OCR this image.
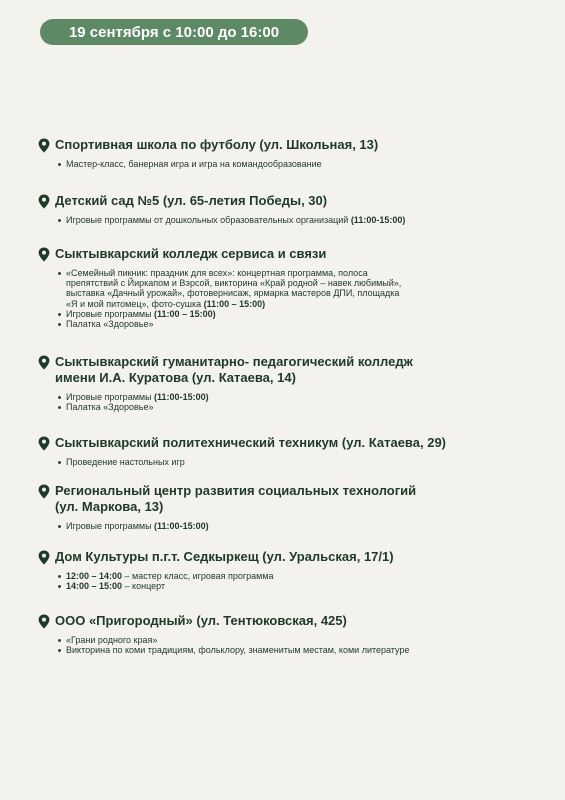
19 сентября с 10:00 до 16:00
Спортивная школа по футболу (ул. Школьная, 13)
Мастер-класс, банерная игра и игра на командообразование
Детский сад №5 (ул. 65-летия Победы, 30)
Игровые программы от дошкольных образовательных организаций (11:00-15:00)
Сыктывкарский колледж сервиса и связи
«Семейный пикник: праздник для всех»: концертная программа, полоса
препятствий с Йиркапом и Вэрсой, викторина «Край родной – навек любимый»,
выставка «Дачный урожай», фотовернисаж, ярмарка мастеров ДПИ, площадка
«Я и мой питомец», фото-сушка (11:00 – 15:00)
Игровые программы (11:00 – 15:00)
Палатка «Здоровье»
Сыктывкарский гуманитарно- педагогический колледж
имени И.А. Куратова (ул. Катаева, 14)
Игровые программы (11:00-15:00)
Палатка «Здоровье»
Сыктывкарский политехнический техникум (ул. Катаева, 29)
Проведение настольных игр
Региональный центр развития социальных технологий
(ул. Маркова, 13)
Игровые программы (11:00-15:00)
Дом Культуры п.г.т. Седкыркещ (ул. Уральская, 17/1)
12:00 – 14:00 – мастер класс, игровая программа
14:00 – 15:00 – концерт
ООО «Пригородный» (ул. Тентюковская, 425)
«Грани родного края»
Викторина по коми традициям, фольклору, знаменитым местам, коми литературе
